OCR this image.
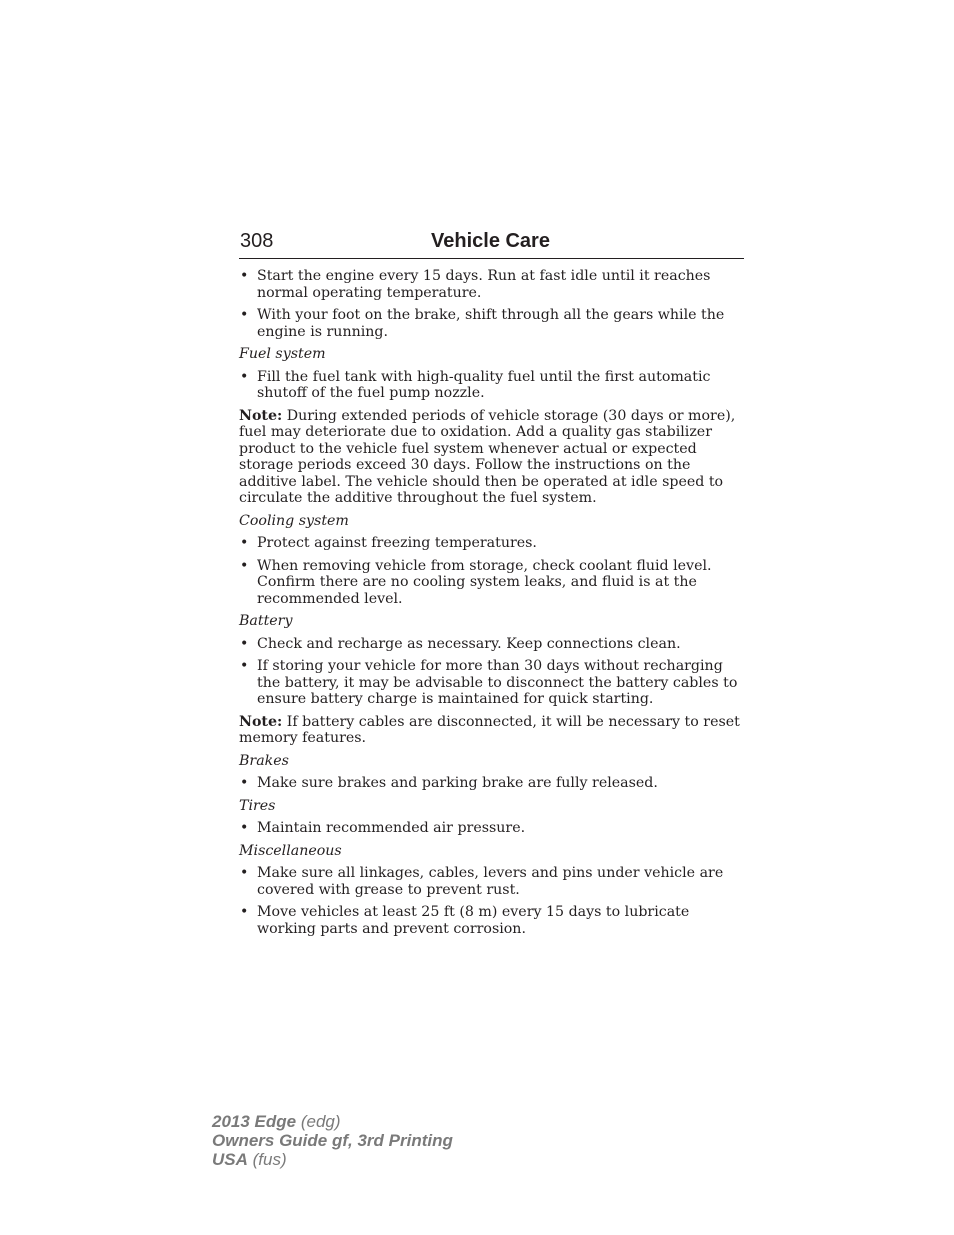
308	Vehicle Care
• Start the engine every 15 days. Run at fast idle until it reaches normal operating temperature.
• With your foot on the brake, shift through all the gears while the engine is running.
Fuel system
• Fill the fuel tank with high-quality fuel until the first automatic shutoff of the fuel pump nozzle.
Note: During extended periods of vehicle storage (30 days or more), fuel may deteriorate due to oxidation. Add a quality gas stabilizer product to the vehicle fuel system whenever actual or expected storage periods exceed 30 days. Follow the instructions on the additive label. The vehicle should then be operated at idle speed to circulate the additive throughout the fuel system.
Cooling system
• Protect against freezing temperatures.
• When removing vehicle from storage, check coolant fluid level. Confirm there are no cooling system leaks, and fluid is at the recommended level.
Battery
• Check and recharge as necessary. Keep connections clean.
• If storing your vehicle for more than 30 days without recharging the battery, it may be advisable to disconnect the battery cables to ensure battery charge is maintained for quick starting.
Note: If battery cables are disconnected, it will be necessary to reset memory features.
Brakes
• Make sure brakes and parking brake are fully released.
Tires
• Maintain recommended air pressure.
Miscellaneous
• Make sure all linkages, cables, levers and pins under vehicle are covered with grease to prevent rust.
• Move vehicles at least 25 ft (8 m) every 15 days to lubricate working parts and prevent corrosion.
2013 Edge (edg)
Owners Guide gf, 3rd Printing
USA (fus)
